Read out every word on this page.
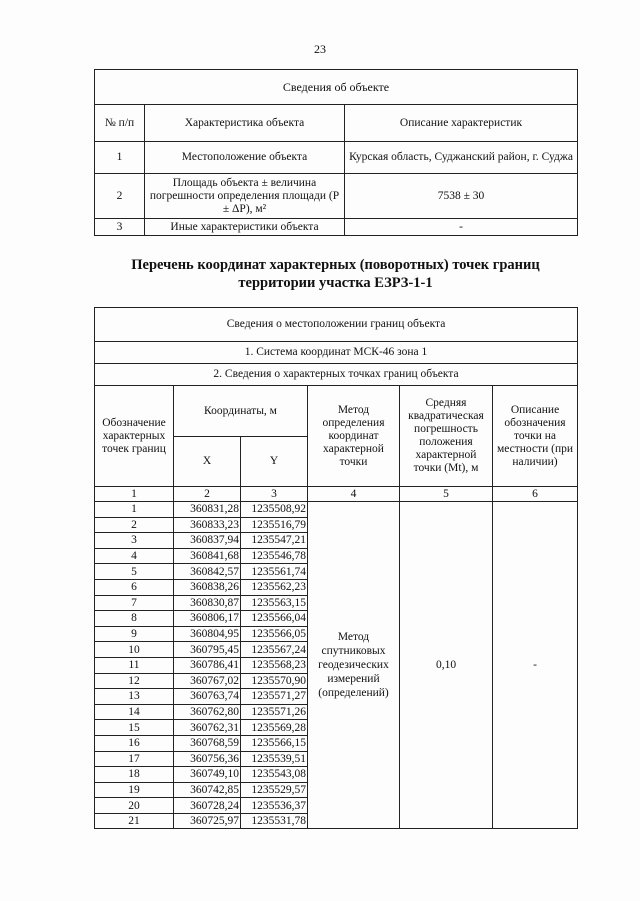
23
Сведения об объекте		
№ п/п	Характеристика объекта	Описание характеристик
1	Местоположение объекта	Курская область, Суджанский район, г. Суджа
2	Площадь объекта ± величина погрешности определения площади (P ± ΔP), м²	7538 ± 30
3	Иные характеристики объекта	-
Перечень координат характерных (поворотных) точек границ территории участка ЕЗРЗ-1-1
Сведения о местоположении границ объекта					
1. Система координат МСК-46 зона 1					
2. Сведения о характерных точках границ объекта					
Обозначение характерных точек границ	Координаты, м		Метод определения координат характерной точки	Средняя квадратическая погрешность положения характерной точки (Mt), м	Описание обозначения точки на местности (при наличии)
	X	Y			
1	2	3	4	5	6
1	360831,28	1235508,92	Метод спутниковых геодезических измерений (определений)	0,10	-
2	360833,23	1235516,79			
3	360837,94	1235547,21			
4	360841,68	1235546,78			
5	360842,57	1235561,74			
6	360838,26	1235562,23			
7	360830,87	1235563,15			
8	360806,17	1235566,04			
9	360804,95	1235566,05			
10	360795,45	1235567,24			
11	360786,41	1235568,23			
12	360767,02	1235570,90			
13	360763,74	1235571,27			
14	360762,80	1235571,26			
15	360762,31	1235569,28			
16	360768,59	1235566,15			
17	360756,36	1235539,51			
18	360749,10	1235543,08			
19	360742,85	1235529,57			
20	360728,24	1235536,37			
21	360725,97	1235531,78			
